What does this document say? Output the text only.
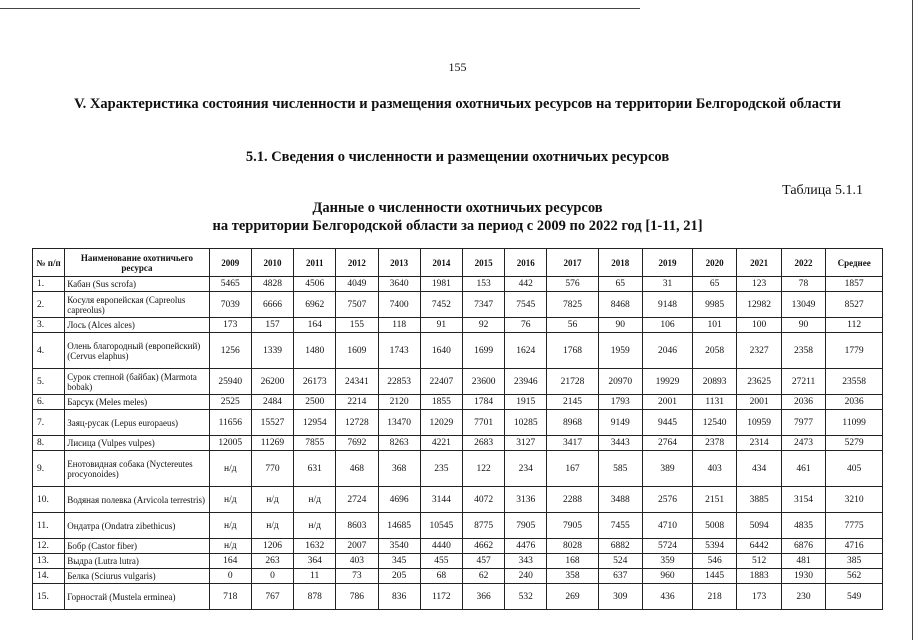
155
V. Характеристика состояния численности и размещения охотничьих ресурсов на территории Белгородской области
5.1. Сведения о численности и размещении охотничьих ресурсов
Таблица 5.1.1
Данные о численности охотничьих ресурсов
на территории Белгородской области за период с 2009 по 2022 год [1-11, 21]
№ п/п	Наименование охотничьего ресурса	2009	2010	2011	2012	2013	2014	2015	2016	2017	2018	2019	2020	2021	2022	Среднее
1.	Кабан (Sus scrofa)	5465	4828	4506	4049	3640	1981	153	442	576	65	31	65	123	78	1857
2.	Косуля европейская (Capreolus capreolus)	7039	6666	6962	7507	7400	7452	7347	7545	7825	8468	9148	9985	12982	13049	8527
3.	Лось (Alces alces)	173	157	164	155	118	91	92	76	56	90	106	101	100	90	112
4.	Олень благородный (европейский) (Cervus elaphus)	1256	1339	1480	1609	1743	1640	1699	1624	1768	1959	2046	2058	2327	2358	1779
5.	Сурок степной (байбак) (Marmota bobak)	25940	26200	26173	24341	22853	22407	23600	23946	21728	20970	19929	20893	23625	27211	23558
6.	Барсук (Meles meles)	2525	2484	2500	2214	2120	1855	1784	1915	2145	1793	2001	1131	2001	2036	2036
7.	Заяц-русак (Lepus europaeus)	11656	15527	12954	12728	13470	12029	7701	10285	8968	9149	9445	12540	10959	7977	11099
8.	Лисица (Vulpes vulpes)	12005	11269	7855	7692	8263	4221	2683	3127	3417	3443	2764	2378	2314	2473	5279
9.	Енотовидная собака (Nyctereutes procyonoides)	н/д	770	631	468	368	235	122	234	167	585	389	403	434	461	405
10.	Водяная полевка (Arvicola terrestris)	н/д	н/д	н/д	2724	4696	3144	4072	3136	2288	3488	2576	2151	3885	3154	3210
11.	Ондатра (Ondatra zibethicus)	н/д	н/д	н/д	8603	14685	10545	8775	7905	7905	7455	4710	5008	5094	4835	7775
12.	Бобр (Castor fiber)	н/д	1206	1632	2007	3540	4440	4662	4476	8028	6882	5724	5394	6442	6876	4716
13.	Выдра (Lutra lutra)	164	263	364	403	345	455	457	343	168	524	359	546	512	481	385
14.	Белка (Sciurus vulgaris)	0	0	11	73	205	68	62	240	358	637	960	1445	1883	1930	562
15.	Горностай (Mustela erminea)	718	767	878	786	836	1172	366	532	269	309	436	218	173	230	549
